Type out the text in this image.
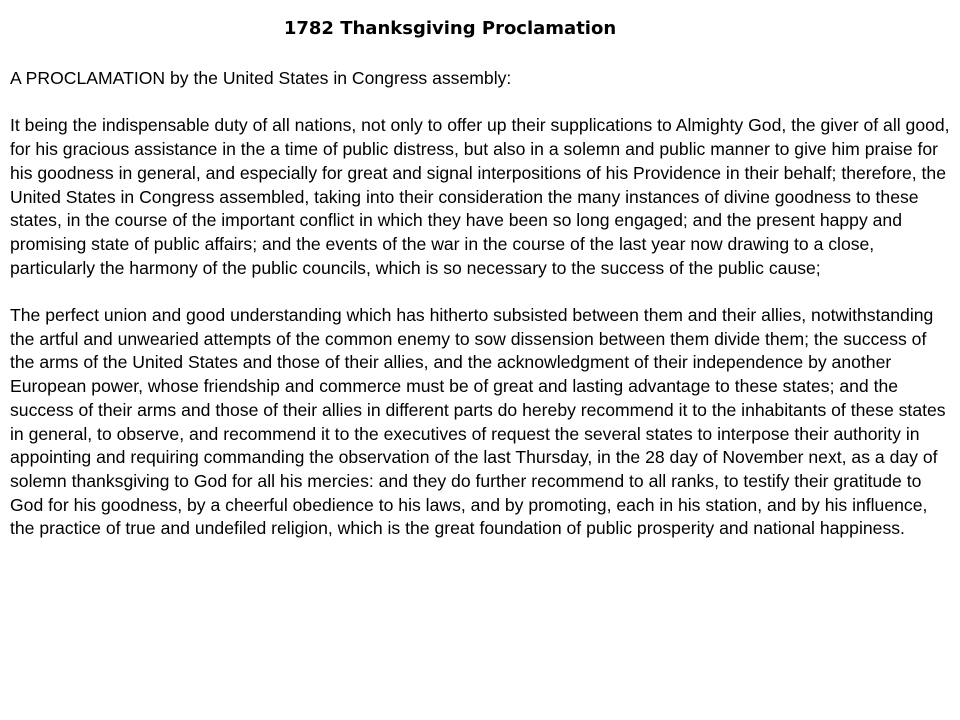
1782 Thanksgiving Proclamation

A PROCLAMATION by the United States in Congress assembly:

It being the indispensable duty of all nations, not only to offer up their supplications to Almighty God, the giver of all good, for his gracious assistance in the a time of public distress, but also in a solemn and public manner to give him praise for his goodness in general, and especially for great and signal interpositions of his Providence in their behalf; therefore, the United States in Congress assembled, taking into their consideration the many instances of divine goodness to these states, in the course of the important conflict in which they have been so long engaged; and the present happy and promising state of public affairs; and the events of the war in the course of the last year now drawing to a close, particularly the harmony of the public councils, which is so necessary to the success of the public cause;

The perfect union and good understanding which has hitherto subsisted between them and their allies, notwithstanding the artful and unwearied attempts of the common enemy to sow dissension between them divide them; the success of the arms of the United States and those of their allies, and the acknowledgment of their independence by another European power, whose friendship and commerce must be of great and lasting advantage to these states; and the success of their arms and those of their allies in different parts do hereby recommend it to the inhabitants of these states in general, to observe, and recommend it to the executives of request the several states to interpose their authority in appointing and requiring commanding the observation of the last Thursday, in the 28 day of November next, as a day of solemn thanksgiving to God for all his mercies: and they do further recommend to all ranks, to testify their gratitude to God for his goodness, by a cheerful obedience to his laws, and by promoting, each in his station, and by his influence, the practice of true and undefiled religion, which is the great foundation of public prosperity and national happiness.
